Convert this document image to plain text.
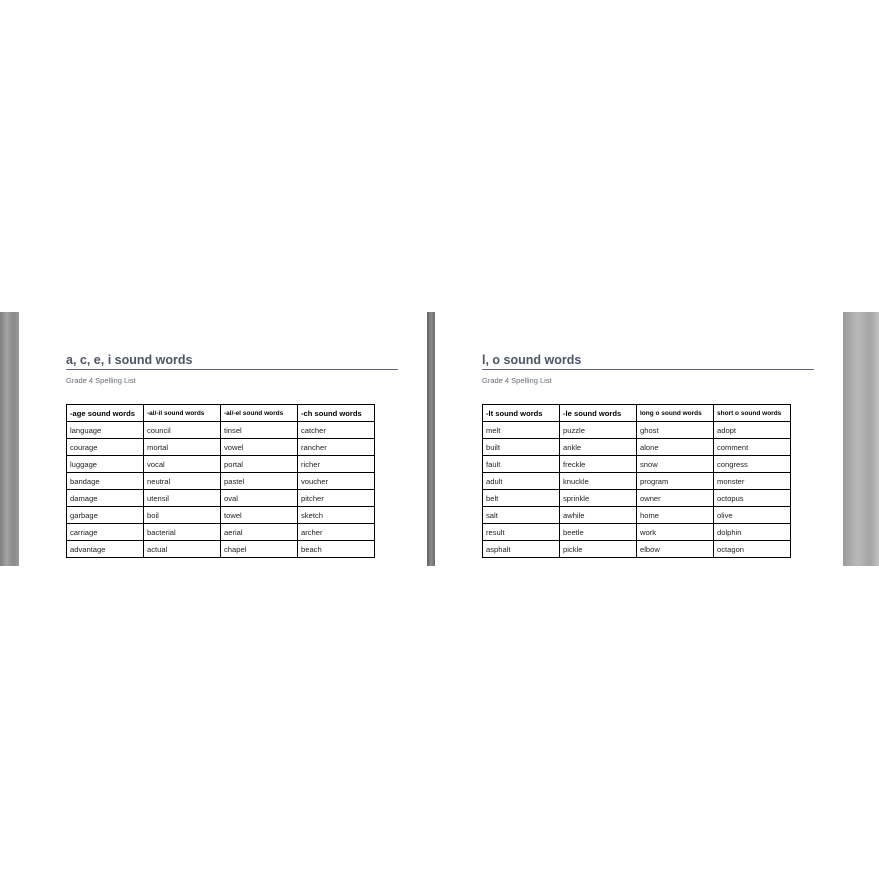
a, c, e, i sound words
Grade 4 Spelling List
-age sound words	-al/-il sound words	-al/-el sound words	-ch sound words
language	council	tinsel	catcher
courage	mortal	vowel	rancher
luggage	vocal	portal	richer
bandage	neutral	pastel	voucher
damage	utensil	oval	pitcher
garbage	boil	towel	sketch
carriage	bacterial	aerial	archer
advantage	actual	chapel	beach
l, o sound words
Grade 4 Spelling List
-lt sound words	-le sound words	long o sound words	short o sound words
melt	puzzle	ghost	adopt
built	ankle	alone	comment
fault	freckle	snow	congress
adult	knuckle	program	monster
belt	sprinkle	owner	octopus
salt	awhile	home	olive
result	beetle	work	dolphin
asphalt	pickle	elbow	octagon
